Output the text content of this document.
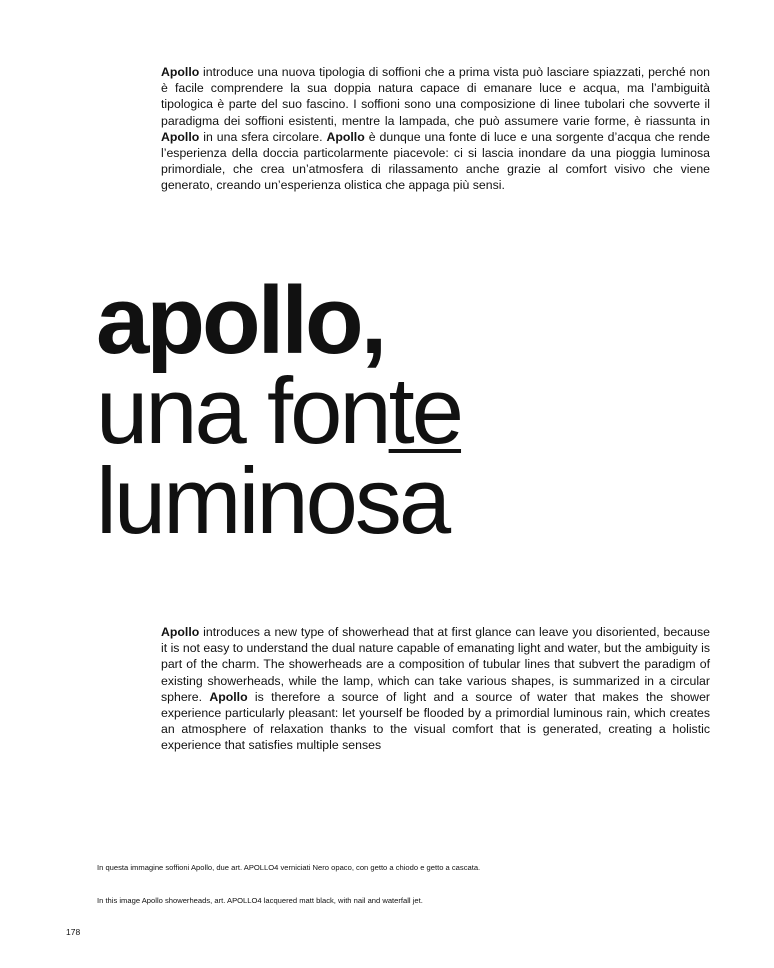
Apollo introduce una nuova tipologia di soffioni che a prima vista può lasciare spiazzati, perché non è facile comprendere la sua doppia natura capace di emanare luce e acqua, ma l’ambiguità tipologica è parte del suo fascino. I soffioni sono una composizione di linee tubolari che sovverte il paradigma dei soffioni esistenti, mentre la lampada, che può assumere varie forme, è riassunta in Apollo in una sfera circolare. Apollo è dunque una fonte di luce e una sorgente d’acqua che rende l’esperienza della doccia particolarmente piacevole: ci si lascia inondare da una pioggia luminosa primordiale, che crea un’atmosfera di rilassamento anche grazie al comfort visivo che viene generato, creando un’esperienza olistica che appaga più sensi.

apollo,
una fonte
luminosa

Apollo introduces a new type of showerhead that at first glance can leave you disoriented, because it is not easy to understand the dual nature capable of emanating light and water, but the ambiguity is part of the charm. The showerheads are a composition of tubular lines that subvert the paradigm of existing showerheads, while the lamp, which can take various shapes, is summarized in a circular sphere. Apollo is therefore a source of light and a source of water that makes the shower experience particularly pleasant: let yourself be flooded by a primordial luminous rain, which creates an atmosphere of relaxation thanks to the visual comfort that is generated, creating a holistic experience that satisfies multiple senses

In questa immagine soffioni Apollo, due art. APOLLO4 verniciati Nero opaco, con getto a chiodo e getto a cascata.

In this image Apollo showerheads, art. APOLLO4 lacquered matt black, with nail and waterfall jet.

178
